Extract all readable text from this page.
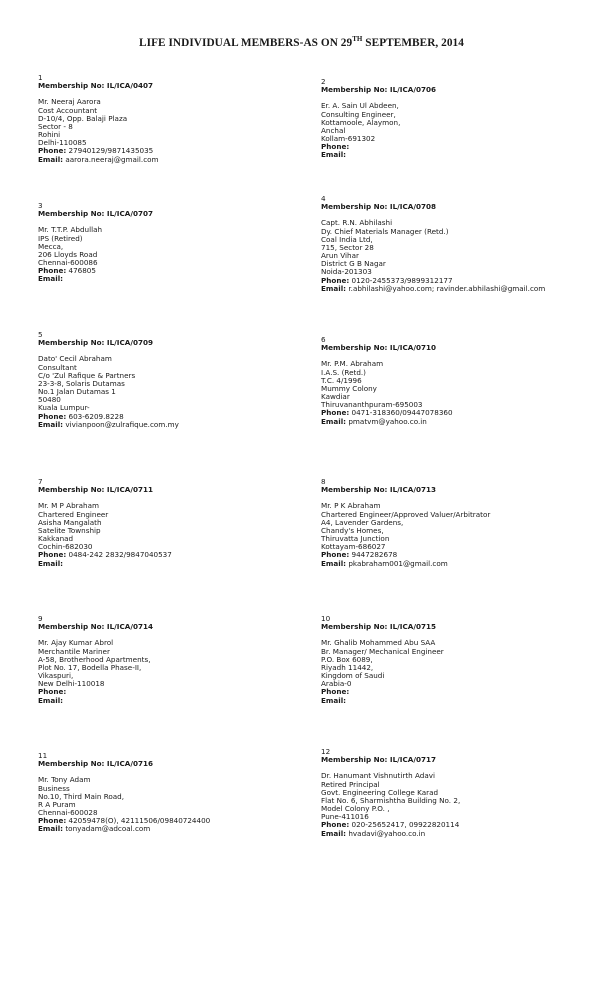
LIFE INDIVIDUAL MEMBERS-AS ON 29TH SEPTEMBER, 2014
1
Membership No: IL/ICA/0407
Mr. Neeraj Aarora
Cost Accountant
D-10/4, Opp. Balaji Plaza
Sector - 8
Rohini
Delhi-110085
Phone: 27940129/9871435035
Email: aarora.neeraj@gmail.com
2
Membership No: IL/ICA/0706
Er. A. Sain Ul Abdeen,
Consulting Engineer,
Kottamoole, Alaymon,
Anchal
Kollam-691302
Phone:
Email:
3
Membership No: IL/ICA/0707
Mr. T.T.P. Abdullah
IPS (Retired)
Mecca,
206 Lloyds Road
Chennai-600086
Phone: 476805
Email:
4
Membership No: IL/ICA/0708
Capt. R.N. Abhilashi
Dy. Chief Materials Manager (Retd.)
Coal India Ltd,
715, Sector 28
Arun Vihar
District G B Nagar
Noida-201303
Phone: 0120-2455373/9899312177
Email: r.abhilashi@yahoo.com; ravinder.abhilashi@gmail.com
5
Membership No: IL/ICA/0709
Dato' Cecil Abraham
Consultant
C/o 'Zul Rafique & Partners
23-3-8, Solaris Dutamas
No.1 Jalan Dutamas 1
50480
Kuala Lumpur-
Phone: 603-6209.8228
Email: vivianpoon@zulrafique.com.my
6
Membership No: IL/ICA/0710
Mr. P.M. Abraham
I.A.S. (Retd.)
T.C. 4/1996
Mummy Colony
Kawdiar
Thiruvananthpuram-695003
Phone: 0471-318360/09447078360
Email: pmatvm@yahoo.co.in
7
Membership No: IL/ICA/0711
Mr. M P Abraham
Chartered Engineer
Asisha Mangalath
Satelite Township
Kakkanad
Cochin-682030
Phone: 0484-242 2832/9847040537
Email:
8
Membership No: IL/ICA/0713
Mr. P K Abraham
Chartered Engineer/Approved Valuer/Arbitrator
A4, Lavender Gardens,
Chandy's Homes,
Thiruvatta Junction
Kottayam-686027
Phone: 9447282678
Email: pkabraham001@gmail.com
9
Membership No: IL/ICA/0714
Mr. Ajay Kumar Abrol
Merchantile Mariner
A-58, Brotherhood Apartments,
Plot No. 17, Bodella Phase-II,
Vikaspuri,
New Delhi-110018
Phone:
Email:
10
Membership No: IL/ICA/0715
Mr. Ghalib Mohammed Abu SAA
Br. Manager/ Mechanical Engineer
P.O. Box 6089,
Riyadh 11442,
Kingdom of Saudi
Arabia-0
Phone:
Email:
11
Membership No: IL/ICA/0716
Mr. Tony Adam
Business
No.10, Third Main Road,
R A Puram
Chennai-600028
Phone: 42059478(O), 42111506/09840724400
Email: tonyadam@adcoal.com
12
Membership No: IL/ICA/0717
Dr. Hanumant Vishnutirth Adavi
Retired Principal
Govt. Engineering College Karad
Flat No. 6, Sharmishtha Building No. 2,
Model Colony P.O. ,
Pune-411016
Phone: 020-25652417, 09922820114
Email: hvadavi@yahoo.co.in
